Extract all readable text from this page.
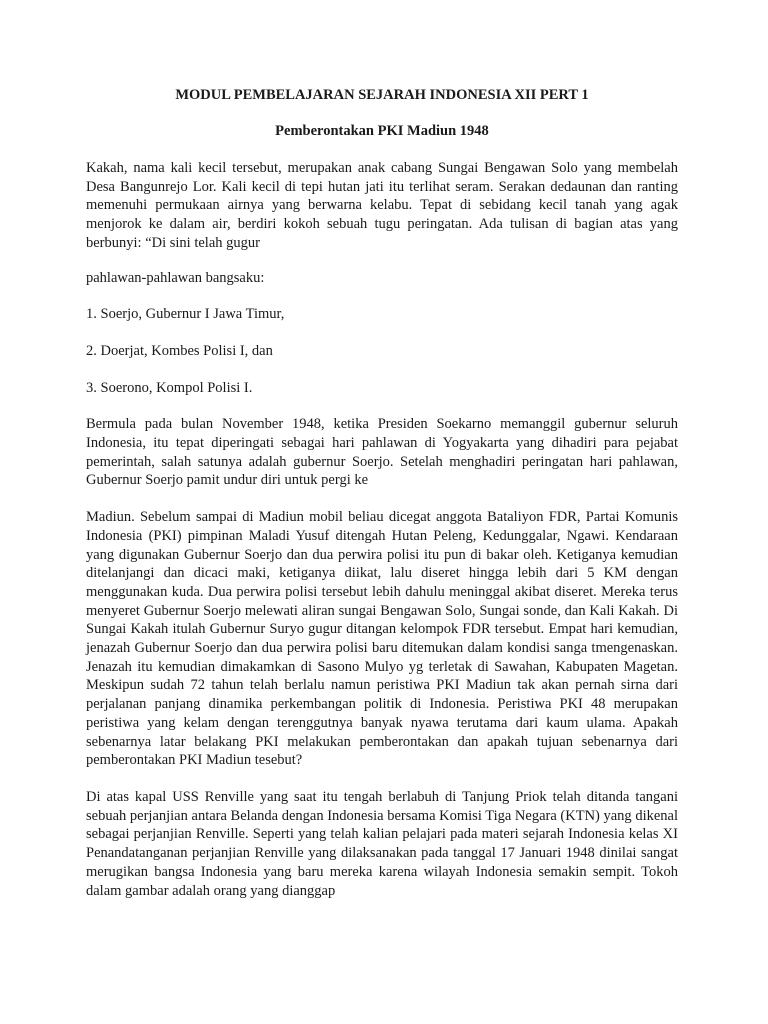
MODUL PEMBELAJARAN SEJARAH INDONESIA XII PERT 1

Pemberontakan PKI Madiun 1948

Kakah, nama kali kecil tersebut, merupakan anak cabang Sungai Bengawan Solo yang membelah Desa Bangunrejo Lor. Kali kecil di tepi hutan jati itu terlihat seram. Serakan dedaunan dan ranting memenuhi permukaan airnya yang berwarna kelabu. Tepat di sebidang kecil tanah yang agak menjorok ke dalam air, berdiri kokoh sebuah tugu peringatan. Ada tulisan di bagian atas yang berbunyi: “Di sini telah gugur

pahlawan-pahlawan bangsaku:

1. Soerjo, Gubernur I Jawa Timur,

2. Doerjat, Kombes Polisi I, dan

3. Soerono, Kompol Polisi I.

Bermula pada bulan November 1948, ketika Presiden Soekarno memanggil gubernur seluruh Indonesia, itu tepat diperingati sebagai hari pahlawan di Yogyakarta yang dihadiri para pejabat pemerintah, salah satunya adalah gubernur Soerjo. Setelah menghadiri peringatan hari pahlawan, Gubernur Soerjo pamit undur diri untuk pergi ke

Madiun. Sebelum sampai di Madiun mobil beliau dicegat anggota Bataliyon FDR, Partai Komunis Indonesia (PKI) pimpinan Maladi Yusuf ditengah Hutan Peleng, Kedunggalar, Ngawi. Kendaraan yang digunakan Gubernur Soerjo dan dua perwira polisi itu pun di bakar oleh. Ketiganya kemudian ditelanjangi dan dicaci maki, ketiganya diikat, lalu diseret hingga lebih dari 5 KM dengan menggunakan kuda. Dua perwira polisi tersebut lebih dahulu meninggal akibat diseret. Mereka terus menyeret Gubernur Soerjo melewati aliran sungai Bengawan Solo, Sungai sonde, dan Kali Kakah. Di Sungai Kakah itulah Gubernur Suryo gugur ditangan kelompok FDR tersebut. Empat hari kemudian, jenazah Gubernur Soerjo dan dua perwira polisi baru ditemukan dalam kondisi sanga tmengenaskan. Jenazah itu kemudian dimakamkan di Sasono Mulyo yg terletak di Sawahan, Kabupaten Magetan. Meskipun sudah 72 tahun telah berlalu namun peristiwa PKI Madiun tak akan pernah sirna dari perjalanan panjang dinamika perkembangan politik di Indonesia. Peristiwa PKI 48 merupakan peristiwa yang kelam dengan terenggutnya banyak nyawa terutama dari kaum ulama. Apakah sebenarnya latar belakang PKI melakukan pemberontakan dan apakah tujuan sebenarnya dari pemberontakan PKI Madiun tesebut?

Di atas kapal USS Renville yang saat itu tengah berlabuh di Tanjung Priok telah ditanda tangani sebuah perjanjian antara Belanda dengan Indonesia bersama Komisi Tiga Negara (KTN) yang dikenal sebagai perjanjian Renville. Seperti yang telah kalian pelajari pada materi sejarah Indonesia kelas XI Penandatanganan perjanjian Renville yang dilaksanakan pada tanggal 17 Januari 1948 dinilai sangat merugikan bangsa Indonesia yang baru mereka karena wilayah Indonesia semakin sempit. Tokoh dalam gambar adalah orang yang dianggap
